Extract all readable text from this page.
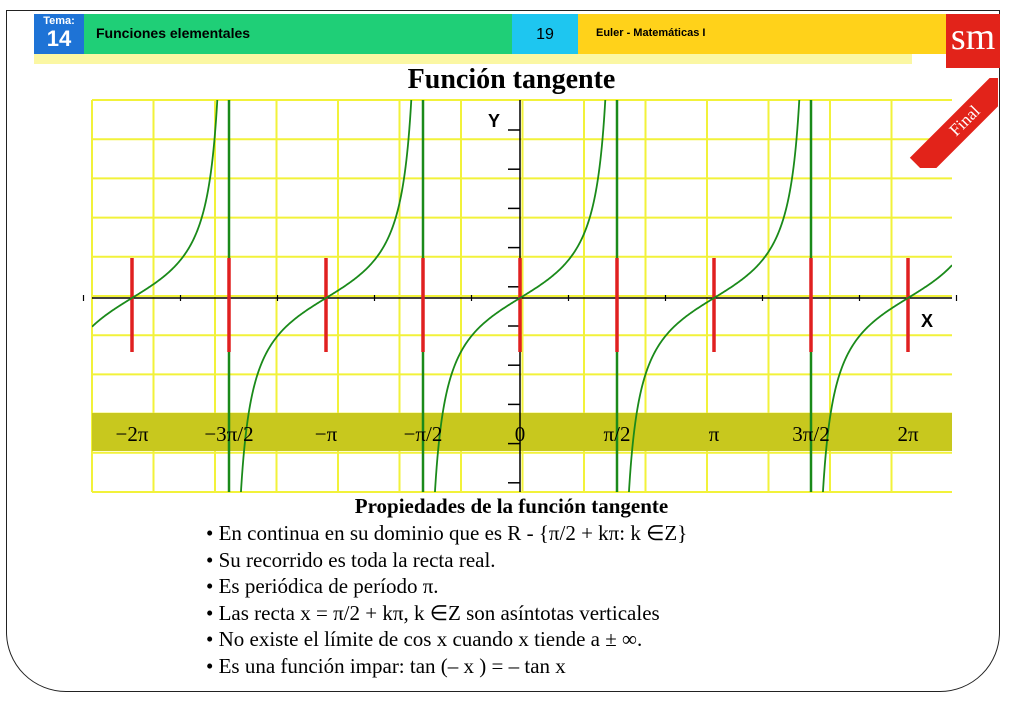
Tema:
14	Funciones elementales	19	Euler - Matemáticas I	sm
Función tangente
−2π	−3π/2	−π	−π/2	0	π/2	π	3π/2	2π
X
Y	Final
Propiedades de la función tangente
• En continua en su dominio que es R - {π/2 + kπ: k ∈Z}
• Su recorrido es toda la recta real.
• Es periódica de período π.
• Las recta x = π/2 + kπ, k ∈Z son asíntotas verticales
• No existe el límite de cos x cuando x tiende a ± ∞.
• Es una función impar: tan (– x ) = – tan x
